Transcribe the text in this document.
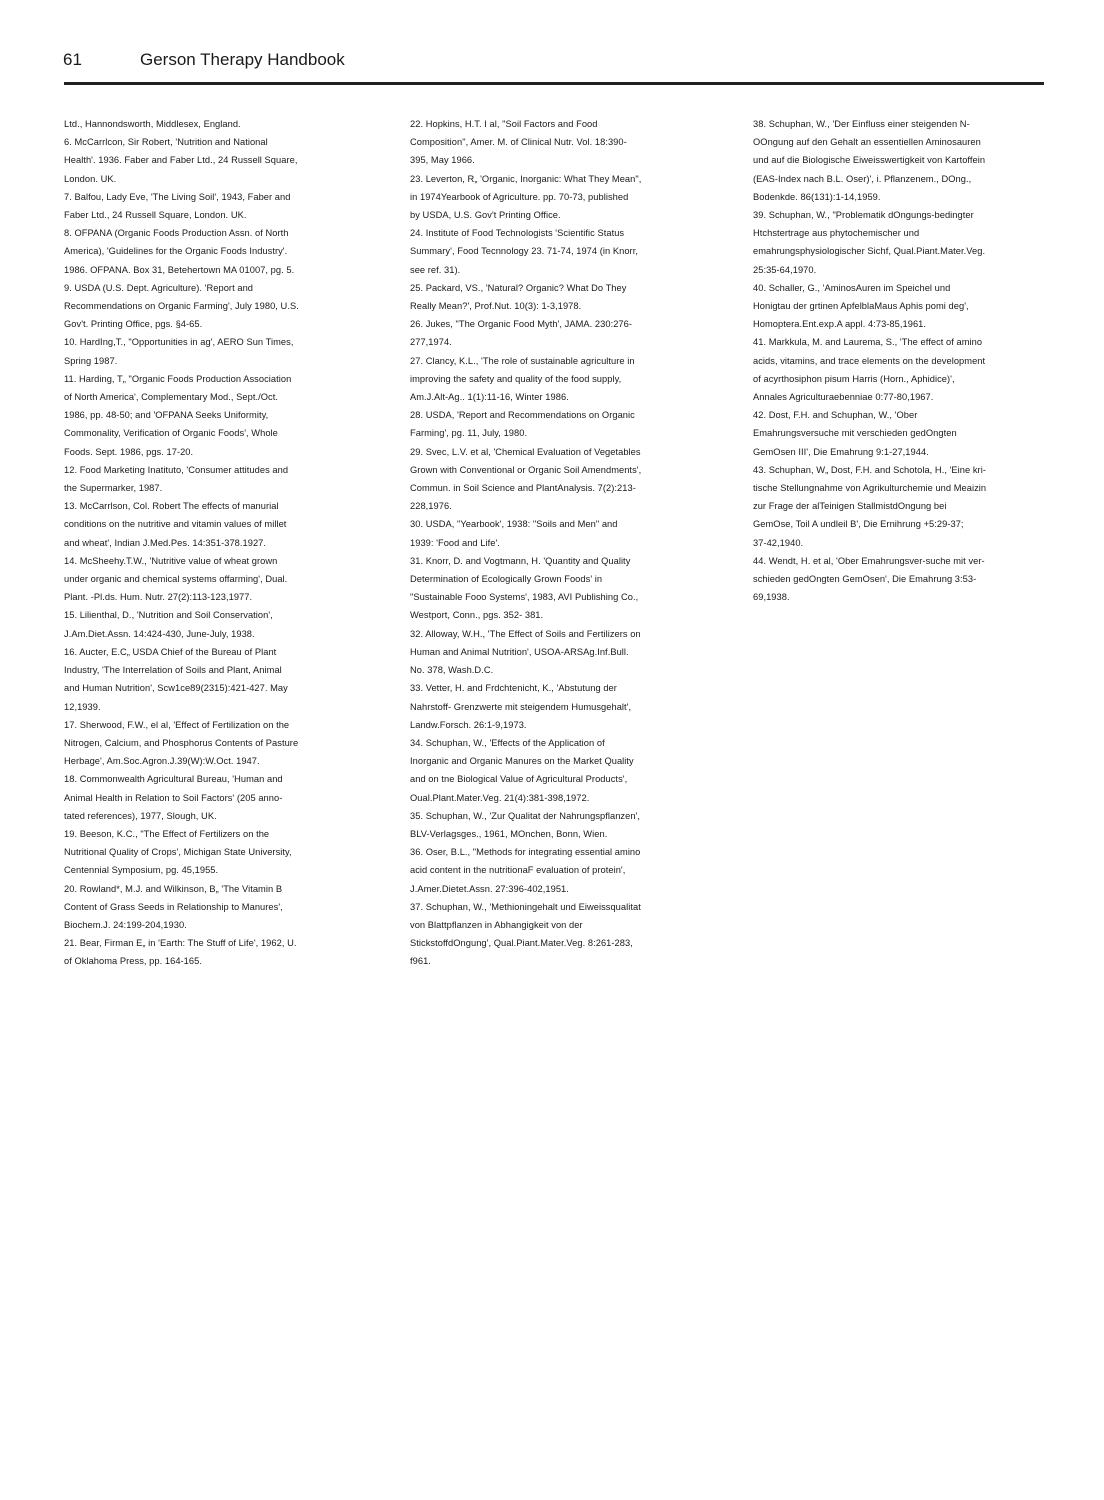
61	Gerson Therapy Handbook

Ltd., Hannondsworth, Middlesex, England.

6. McCarrlcon, Sir Robert, 'Nutrition and National

Health'. 1936. Faber and Faber Ltd., 24 Russell Square,

London. UK.

7. Balfou, Lady Eve, 'The Living Soil', 1943, Faber and

Faber Ltd., 24 Russell Square, London. UK.

8. OFPANA (Organic Foods Production Assn. of North

America), 'Guidelines for the Organic Foods Industry'.

1986. OFPANA. Box 31, Betehertown MA 01007, pg. 5.

9. USDA (U.S. Dept. Agriculture). 'Report and

Recommendations on Organic Farming', July 1980, U.S.

Gov't. Printing Office, pgs. §4-65.

10. HardIng,T., "Opportunities in ag', AERO Sun Times,

Spring 1987.

11. Harding, T„ "Organic Foods Production Association

of North America', Complementary Mod., Sept./Oct.

1986, pp. 48-50; and 'OFPANA Seeks Uniformity,

Commonality, Verification of Organic Foods', Whole

Foods. Sept. 1986, pgs. 17-20.

12. Food Marketing Inatituto, 'Consumer attitudes and

the Supermarker, 1987.

13. McCarrlson, Col. Robert The effects of manurial

conditions on the nutritive and vitamin values of millet

and wheat', Indian J.Med.Pes. 14:351-378.1927.

14. McSheehy.T.W., 'Nutritive value of wheat grown

under organic and chemical systems offarming', Dual.

Plant. -Pl.ds. Hum. Nutr. 27(2):113-123,1977.

15. Lilienthal, D., 'Nutrition and Soil Conservation',

J.Am.Diet.Assn. 14:424-430, June-July, 1938.

16. Aucter, E.C„ USDA Chief of the Bureau of Plant

Industry, 'The Interrelation of Soils and Plant, Animal

and Human Nutrition', Scw1ce89(2315):421-427. May

12,1939.

17. Sherwood, F.W., el al, 'Effect of Fertilization on the

Nitrogen, Calcium, and Phosphorus Contents of Pasture

Herbage', Am.Soc.Agron.J.39(W):W.Oct. 1947.

18. Commonwealth Agricultural Bureau, 'Human and

Animal Health in Relation to Soil Factors' (205 anno-

tated references), 1977, Slough, UK.

19. Beeson, K.C., "The Effect of Fertilizers on the

Nutritional Quality of Crops', Michigan State University,

Centennial Symposium, pg. 45,1955.

20. Rowland*, M.J. and Wilkinson, B„ 'The Vitamin B

Content of Grass Seeds in Relationship to Manures',

Biochem.J. 24:199-204,1930.

21. Bear, Firman E„ in 'Earth: The Stuff of Life', 1962, U.

of Oklahoma Press, pp. 164-165.

22. Hopkins, H.T. I al, "Soil Factors and Food

Composition", Amer. M. of Clinical Nutr. Vol. 18:390-

395, May 1966.

23. Leverton, R„ 'Organic, Inorganic: What They Mean",

in 1974Yearbook of Agriculture. pp. 70-73, published

by USDA, U.S. Gov't Printing Office.

24. Institute of Food Technologists 'Scientific Status

Summary', Food Tecnnology 23. 71-74, 1974 (in Knorr,

see ref. 31).

25. Packard, VS., 'Natural? Organic? What Do They

Really Mean?', Prof.Nut. 10(3): 1-3,1978.

26. Jukes, "The Organic Food Myth', JAMA. 230:276-

277,1974.

27. Clancy, K.L., 'The role of sustainable agriculture in

improving the safety and quality of the food supply,

Am.J.Alt-Ag.. 1(1):11-16, Winter 1986.

28. USDA, 'Report and Recommendations on Organic

Farming', pg. 11, July, 1980.

29. Svec, L.V. et al, 'Chemical Evaluation of Vegetables

Grown with Conventional or Organic Soil Amendments',

Commun. in Soil Science and PlantAnalysis. 7(2):213-

228,1976.

30. USDA, "Yearbook', 1938: "Soils and Men" and

1939: 'Food and Life'.

31. Knorr, D. and Vogtmann, H. 'Quantity and Quality

Determination of Ecologically Grown Foods' in

"Sustainable Fooo Systems', 1983, AVI Publishing Co.,

Westport, Conn., pgs. 352- 381.

32. Alloway, W.H., 'The Effect of Soils and Fertilizers on

Human and Animal Nutrition', USOA-ARSAg.Inf.Bull.

No. 378, Wash.D.C.

33. Vetter, H. and Frdchtenicht, K., 'Abstutung der

Nahrstoff- Grenzwerte mit steigendem Humusgehalt',

Landw.Forsch. 26:1-9,1973.

34. Schuphan, W., 'Effects of the Application of

Inorganic and Organic Manures on the Market Quality

and on tne Biological Value of Agricultural Products',

Oual.Plant.Mater.Veg. 21(4):381-398,1972.

35. Schuphan, W., 'Zur Qualitat der Nahrungspflanzen',

BLV-Verlagsges., 1961, MOnchen, Bonn, Wien.

36. Oser, B.L., "Methods for integrating essential amino

acid content in the nutritionaF evaluation of protein',

J.Amer.Dietet.Assn. 27:396-402,1951.

37. Schuphan, W., 'Methioningehalt und Eiweissqualitat

von Blattpflanzen in Abhangigkeit von der

StickstoffdOngung', Qual.Piant.Mater.Veg. 8:261-283,

f961.

38. Schuphan, W., 'Der Einfluss einer steigenden N-

OOngung auf den Gehalt an essentiellen Aminosauren

und auf die Biologische Eiweisswertigkeit von Kartoffein

(EAS-Index nach B.L. Oser)', i. Pflanzenem., DOng.,

Bodenkde. 86(131):1-14,1959.

39. Schuphan, W., "Problematik dOngungs-bedingter

Htchstertrage aus phytochemischer und

emahrungsphysiologischer Sichf, Qual.Piant.Mater.Veg.

25:35-64,1970.

40. Schaller, G., 'AminosAuren im Speichel und

Honigtau der grtinen ApfelblaMaus Aphis pomi deg',

Homoptera.Ent.exp.A appl. 4:73-85,1961.

41. Markkula, M. and Laurema, S., 'The effect of amino

acids, vitamins, and trace elements on the development

of acyrthosiphon pisum Harris (Horn., Aphidice)',

Annales Agriculturaebenniae 0:77-80,1967.

42. Dost, F.H. and Schuphan, W., 'Ober

Emahrungsversuche mit verschieden gedOngten

GemOsen III', Die Emahrung 9:1-27,1944.

43. Schuphan, W„ Dost, F.H. and Schotola, H., 'Eine kri-

tische Stellungnahme von Agrikulturchemie und Meaizin

zur Frage der alTeinigen StallmistdOngung bei

GemOse, Toil A undleil B', Die Ernihrung +5:29-37;

37-42,1940.

44. Wendt, H. et al, 'Ober Emahrungsver-suche mit ver-

schieden gedOngten GemOsen', Die Emahrung 3:53-

69,1938.
